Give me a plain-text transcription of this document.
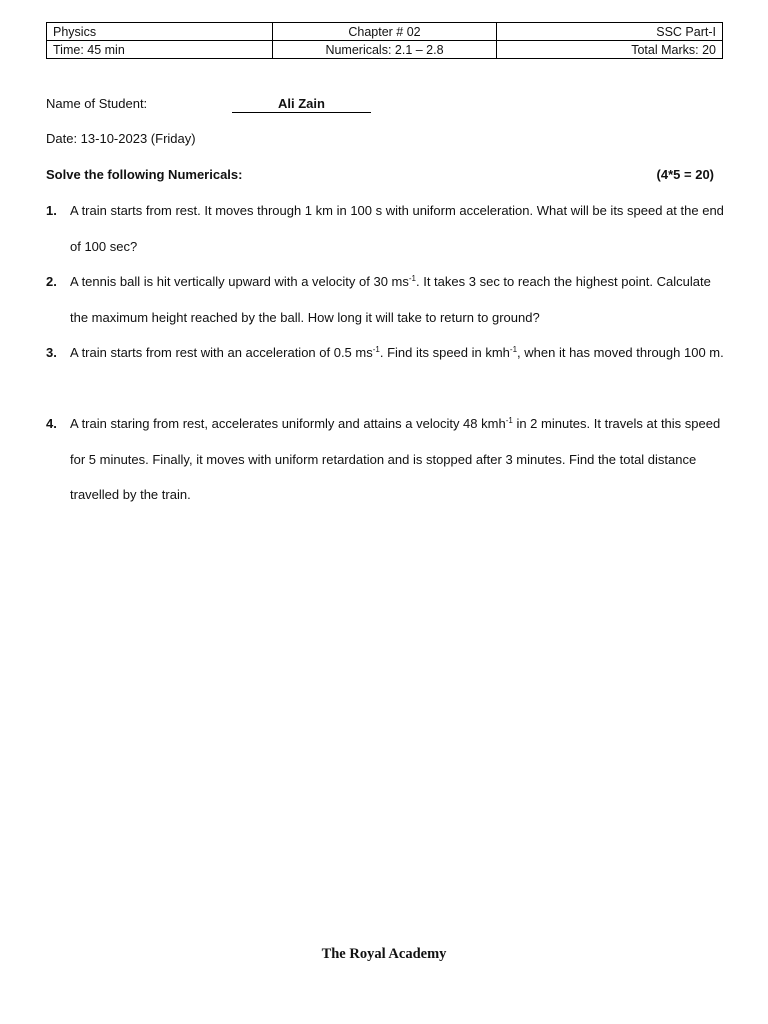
Physics	Chapter # 02	SSC Part-I
Time: 45 min	Numericals: 2.1 – 2.8	Total Marks: 20
Name of Student:	Ali Zain
Date: 13-10-2023 (Friday)
Solve the following Numericals:	(4*5 = 20)
1. A train starts from rest. It moves through 1 km in 100 s with uniform acceleration. What will be its speed at the end of 100 sec?
2. A tennis ball is hit vertically upward with a velocity of 30 $ms^{-1}$. It takes 3 sec to reach the highest point. Calculate the maximum height reached by the ball. How long it will take to return to ground?
3. A train starts from rest with an acceleration of 0.5 $ms^{-1}$. Find its speed in kmh$^{-1}$, when it has moved through 100 m.
4. A train staring from rest, accelerates uniformly and attains a velocity 48 kmh$^{-1}$ in 2 minutes. It travels at this speed for 5 minutes. Finally, it moves with uniform retardation and is stopped after 3 minutes. Find the total distance travelled by the train.
The Royal Academy
